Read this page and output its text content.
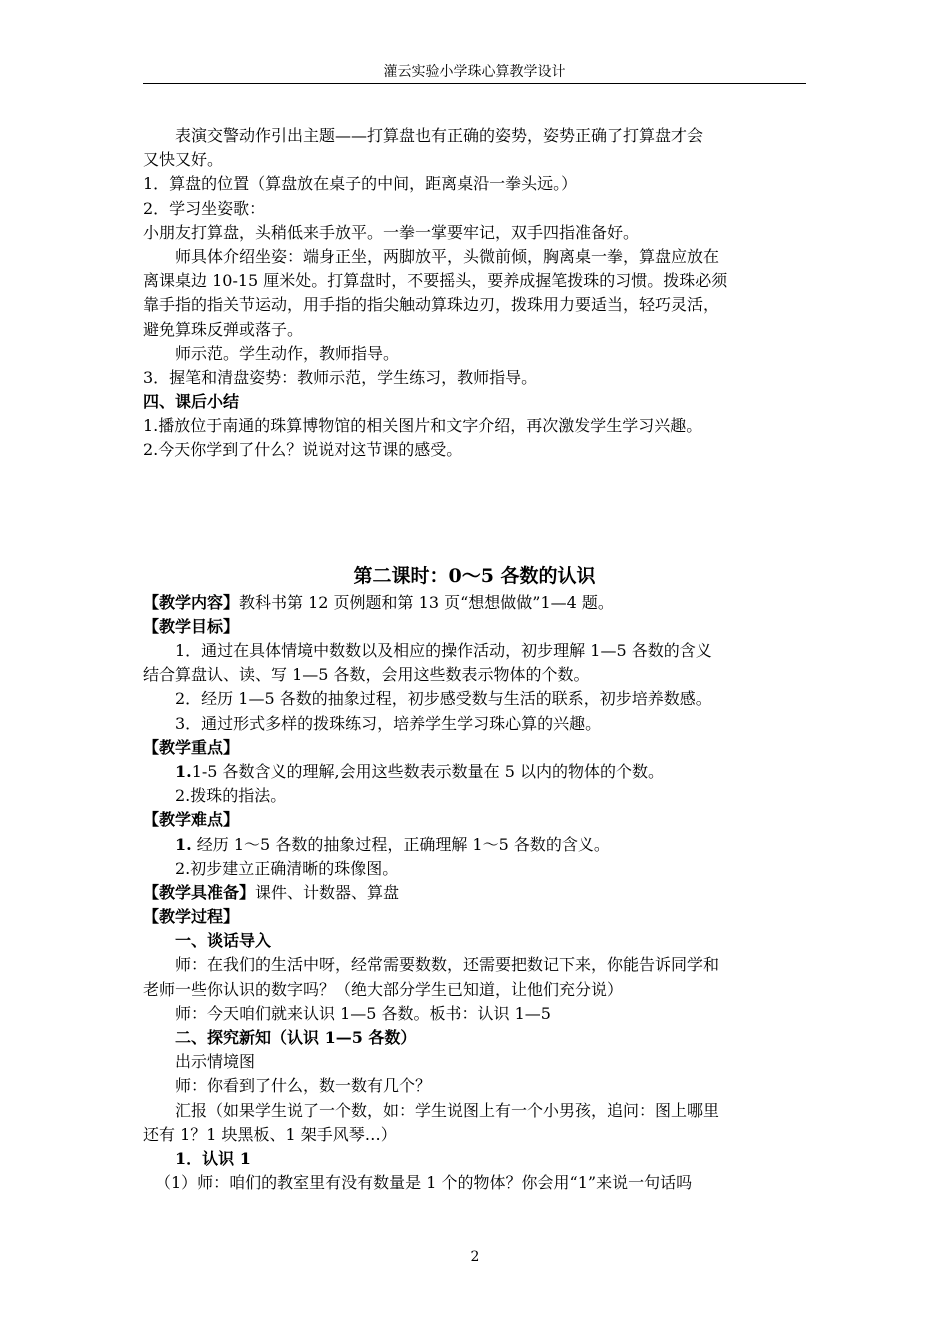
灌云实验小学珠心算教学设计
表演交警动作引出主题——打算盘也有正确的姿势，姿势正确了打算盘才会
又快又好。
1．算盘的位置（算盘放在桌子的中间，距离桌沿一拳头远。）
2．学习坐姿歌：
小朋友打算盘，头稍低来手放平。一拳一掌要牢记，双手四指准备好。
师具体介绍坐姿：端身正坐，两脚放平，头微前倾，胸离桌一拳，算盘应放在
离课桌边 10-15 厘米处。打算盘时，不要摇头，要养成握笔拨珠的习惯。拨珠必须
靠手指的指关节运动，用手指的指尖触动算珠边刃，拨珠用力要适当，轻巧灵活，
避免算珠反弹或落子。
师示范。学生动作，教师指导。
3．握笔和清盘姿势：教师示范，学生练习，教师指导。
四、课后小结
1.播放位于南通的珠算博物馆的相关图片和文字介绍，再次激发学生学习兴趣。
2.今天你学到了什么？说说对这节课的感受。
第二课时：0～5 各数的认识
【教学内容】教科书第 12 页例题和第 13 页“想想做做”1—4 题。
【教学目标】
1．通过在具体情境中数数以及相应的操作活动，初步理解 1—5 各数的含义
结合算盘认、读、写 1—5 各数，会用这些数表示物体的个数。
2．经历 1—5 各数的抽象过程，初步感受数与生活的联系，初步培养数感。
3．通过形式多样的拨珠练习，培养学生学习珠心算的兴趣。
【教学重点】
1.1-5 各数含义的理解,会用这些数表示数量在 5 以内的物体的个数。
2.拨珠的指法。
【教学难点】
1. 经历 1～5 各数的抽象过程，正确理解 1～5 各数的含义。
2.初步建立正确清晰的珠像图。
【教学具准备】课件、计数器、算盘
【教学过程】
一、谈话导入
师：在我们的生活中呀，经常需要数数，还需要把数记下来，你能告诉同学和
老师一些你认识的数字吗？（绝大部分学生已知道，让他们充分说）
师：今天咱们就来认识 1—5 各数。板书：认识 1—5
二、探究新知（认识 1—5 各数）
出示情境图
师：你看到了什么，数一数有几个？
汇报（如果学生说了一个数，如：学生说图上有一个小男孩，追问：图上哪里
还有 1？1 块黑板、1 架手风琴…）
1．认识 1
（1）师：咱们的教室里有没有数量是 1 个的物体？你会用“1”来说一句话吗
2
